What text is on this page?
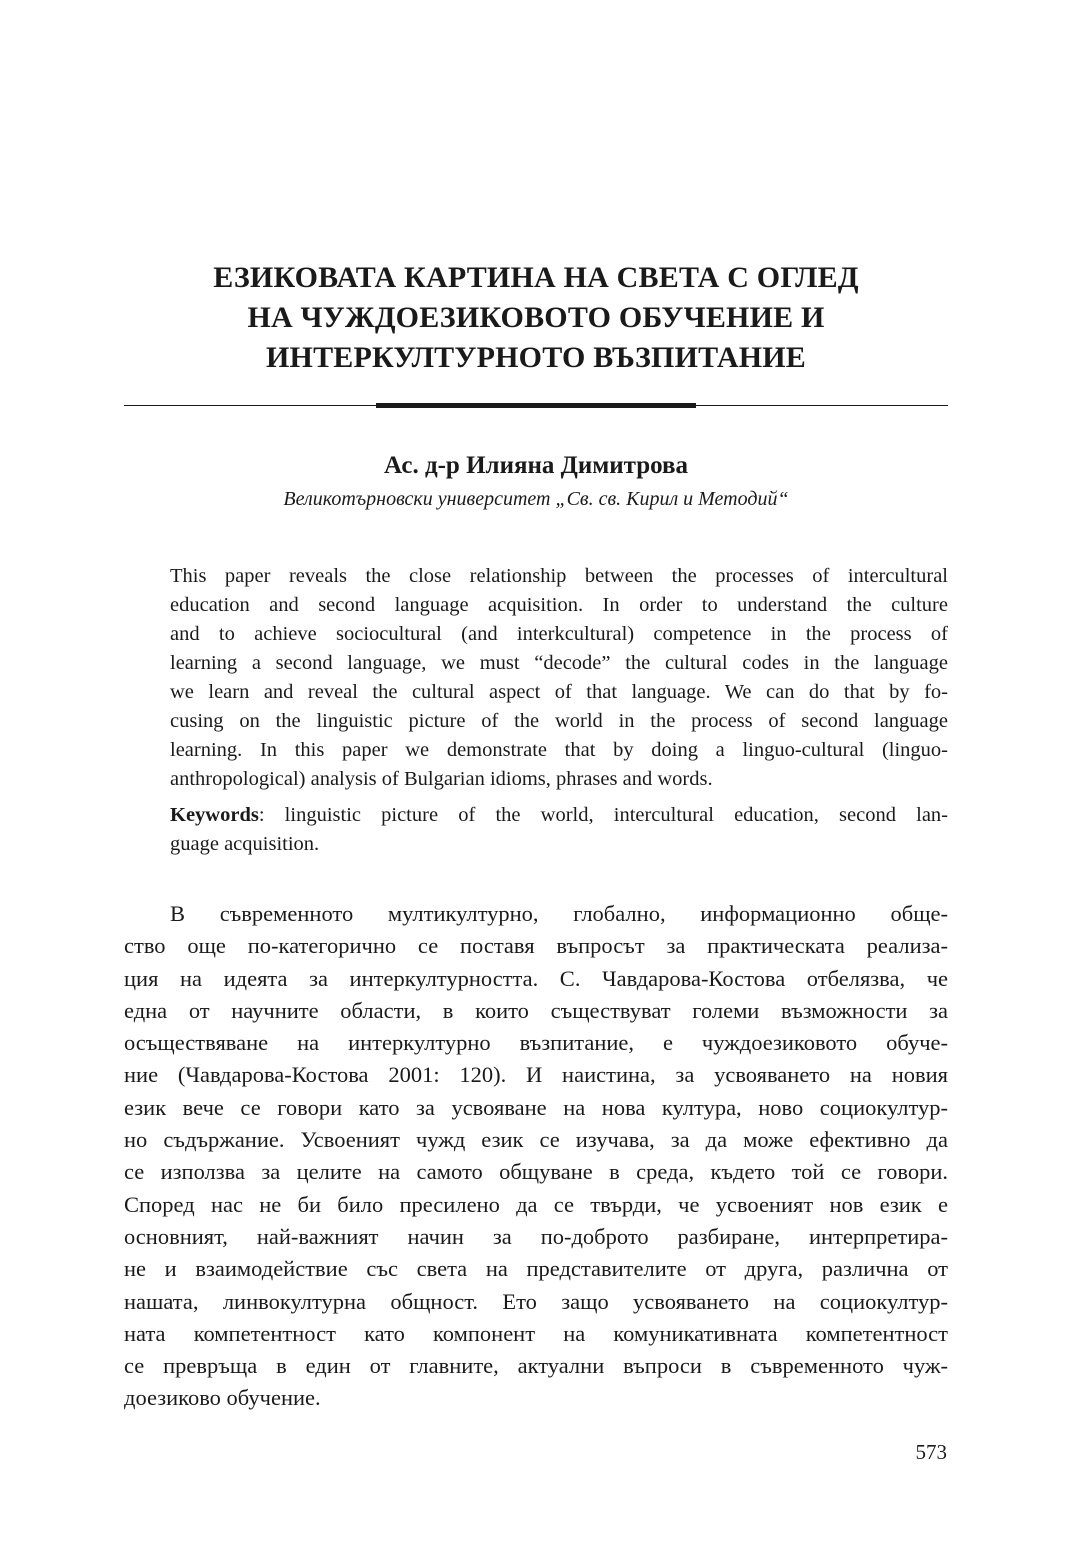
ЕЗИКОВАТА КАРТИНА НА СВЕТА С ОГЛЕД
НА ЧУЖДОЕЗИКОВОТО ОБУЧЕНИЕ И
ИНТЕРКУЛТУРНОТО ВЪЗПИТАНИЕ
Ас. д-р Илияна Димитрова
Великотърновски университет „Св. св. Кирил и Методий“
This paper reveals the close relationship between the processes of intercultural
education and second language acquisition. In order to understand the culture
and to achieve sociocultural (and interkcultural) competence in the process of
learning a second language, we must “decode” the cultural codes in the language
we learn and reveal the cultural aspect of that language. We can do that by fo-
cusing on the linguistic picture of the world in the process of second language
learning. In this paper we demonstrate that by doing a linguo-cultural (linguo-
anthropological) analysis of Bulgarian idioms, phrases and words.
Keywords: linguistic picture of the world, intercultural education, second lan-
guage acquisition.
В съвременното мултикултурно, глобално, информационно обще-
ство още по-категорично се поставя въпросът за практическата реализа-
ция на идеята за интеркултурността. С. Чавдарова-Костова отбелязва, че
една от научните области, в които съществуват големи възможности за
осъществяване на интеркултурно възпитание, е чуждоезиковото обуче-
ние (Чавдарова-Костова 2001: 120). И наистина, за усвояването на новия
език вече се говори като за усвояване на нова култура, ново социокултур-
но съдържание. Усвоеният чужд език се изучава, за да може ефективно да
се използва за целите на самото общуване в среда, където той се говори.
Според нас не би било пресилено да се твърди, че усвоеният нов език е
основният, най-важният начин за по-доброто разбиране, интерпретира-
не и взаимодействие със света на представителите от друга, различна от
нашата, линвокултурна общност. Ето защо усвояването на социокултур-
ната компетентност като компонент на комуникативната компетентност
се превръща в един от главните, актуални въпроси в съвременното чуж-
доезиково обучение.
573
